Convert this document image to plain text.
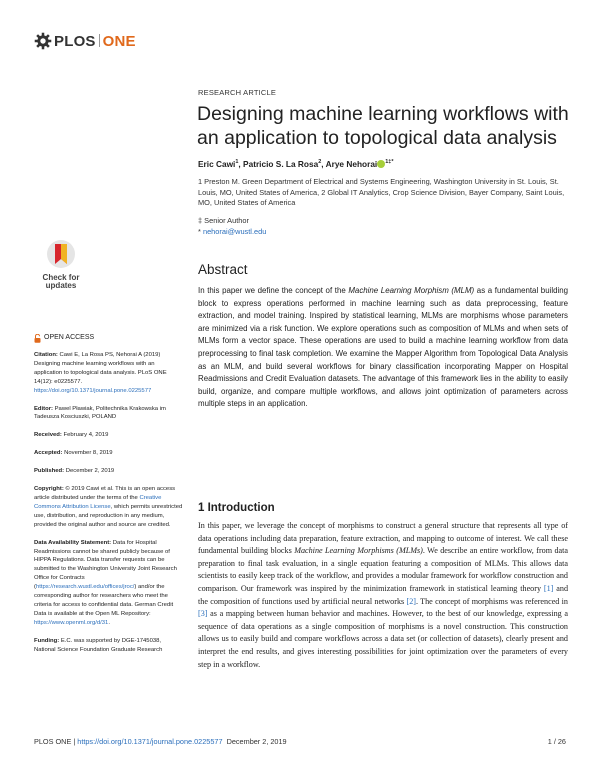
PLOS ONE
RESEARCH ARTICLE
Designing machine learning workflows with an application to topological data analysis
Eric Cawi$^1$, Patricio S. La Rosa$^2$, Arye Nehorai $^{1\ddagger*}$
1 Preston M. Green Department of Electrical and Systems Engineering, Washington University in St. Louis, St. Louis, MO, United States of America, 2 Global IT Analytics, Crop Science Division, Bayer Company, Saint Louis, MO, United States of America
‡ Senior Author
* nehorai@wustl.edu
Check for
updates
Abstract
In this paper we define the concept of the Machine Learning Morphism (MLM) as a fundamental building block to express operations performed in machine learning such as data preprocessing, feature extraction, and model training. Inspired by statistical learning, MLMs are morphisms whose parameters are minimized via a risk function. We explore operations such as composition of MLMs and when sets of MLMs form a vector space. These operations are used to build a machine learning workflow from data preprocessing to final task completion. We examine the Mapper Algorithm from Topological Data Analysis as an MLM, and build several workflows for binary classification incorporating Mapper on Hospital Readmissions and Credit Evaluation datasets. The advantage of this framework lies in the ability to easily build, organize, and compare multiple workflows, and allows joint optimization of parameters across multiple steps in an application.
1 Introduction
In this paper, we leverage the concept of morphisms to construct a general structure that represents all type of data operations including data preparation, feature extraction, and mapping to outcome of interest. We call these fundamental building blocks Machine Learning Morphisms (MLMs). We describe an entire workflow, from data preparation to final task evaluation, in a single equation featuring a composition of MLMs. This allows data scientists to easily keep track of the workflow, and provides a modular framework for workflow construction and comparison. Our framework was inspired by the minimization framework in statistical learning theory [1] and the composition of functions used by artificial neural networks [2]. The concept of morphisms was referenced in [3] as a mapping between human behavior and machines. However, to the best of our knowledge, expressing a sequence of data operations as a single composition of morphisms is a novel construction. This construction allows us to easily build and compare workflows across a data set (or collection of datasets), clearly present and interpret the end results, and gives interesting possibilities for joint optimization over the parameters of every step in a workflow.
OPEN ACCESS
Citation: Cawi E, La Rosa PS, Nehorai A (2019) Designing machine learning workflows with an application to topological data analysis. PLoS ONE 14(12): e0225577. https://doi.org/10.1371/journal.pone.0225577
Editor: Pawel Pławiak, Politechnika Krakowska im Tadeusza Kosciuszki, POLAND
Received: February 4, 2019
Accepted: November 8, 2019
Published: December 2, 2019
Copyright: © 2019 Cawi et al. This is an open access article distributed under the terms of the Creative Commons Attribution License, which permits unrestricted use, distribution, and reproduction in any medium, provided the original author and source are credited.
Data Availability Statement: Data for Hospital Readmissions cannot be shared publicly because of HIPPA Regulations. Data transfer requests can be submitted to the Washington University Joint Research Office for Contracts (https://research.wustl.edu/offices/jroc/) and/or the corresponding author for researchers who meet the criteria for access to confidential data. German Credit Data is available at the Open ML Repository: https://www.openml.org/d/31.
Funding: E.C. was supported by DGE-1745038, National Science Foundation Graduate Research
PLOS ONE | https://doi.org/10.1371/journal.pone.0225577 December 2, 2019	1 / 26
